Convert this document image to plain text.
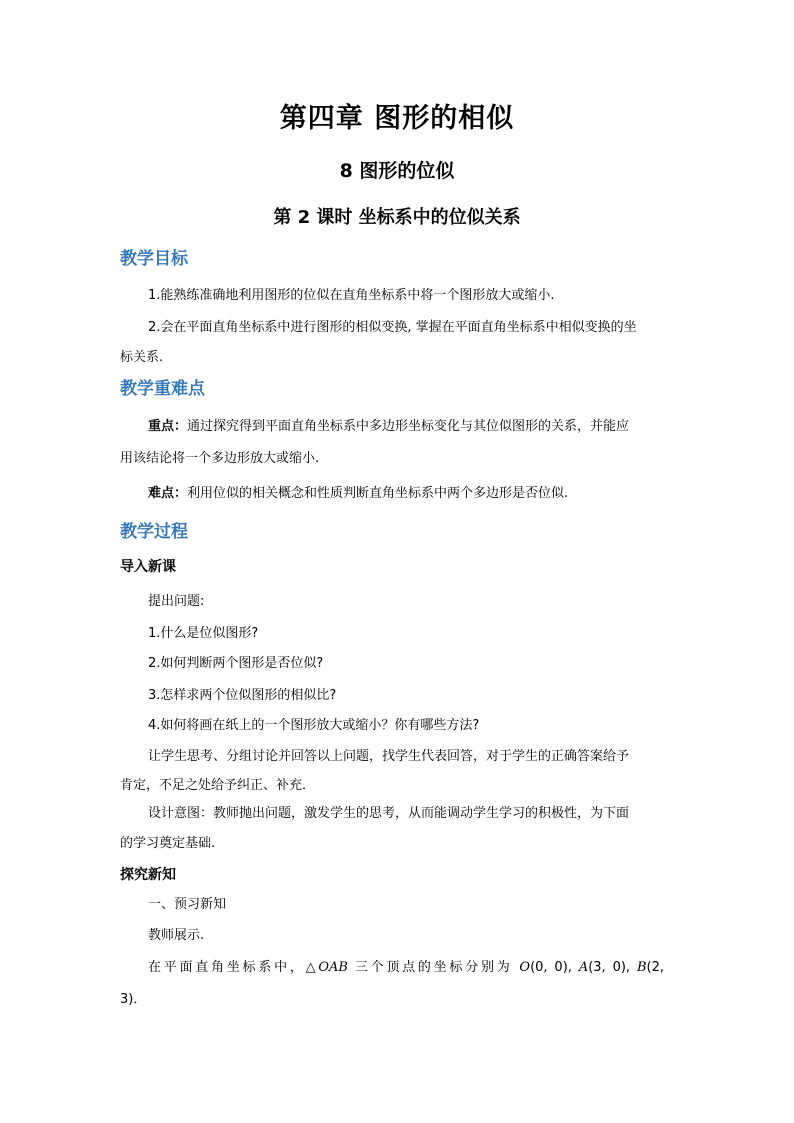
第四章 图形的相似
8 图形的位似
第 2 课时 坐标系中的位似关系
教学目标
1.能熟练准确地利用图形的位似在直角坐标系中将一个图形放大或缩小.
2.会在平面直角坐标系中进行图形的相似变换, 掌握在平面直角坐标系中相似变换的坐
标关系.
教学重难点
重点：通过探究得到平面直角坐标系中多边形坐标变化与其位似图形的关系，并能应
用该结论将一个多边形放大或缩小.
难点：利用位似的相关概念和性质判断直角坐标系中两个多边形是否位似.
教学过程
导入新课
提出问题:
1.什么是位似图形?
2.如何判断两个图形是否位似?
3.怎样求两个位似图形的相似比?
4.如何将画在纸上的一个图形放大或缩小？你有哪些方法?
让学生思考、分组讨论并回答以上问题，找学生代表回答，对于学生的正确答案给予
肯定，不足之处给予纠正、补充．
设计意图：教师抛出问题，激发学生的思考，从而能调动学生学习的积极性，为下面
的学习奠定基础.
探究新知
一、预习新知
教师展示.
在平面直角坐标系中，△OAB 三个顶点的坐标分别为 O(0, 0), A(3, 0), B(2,
3)．
